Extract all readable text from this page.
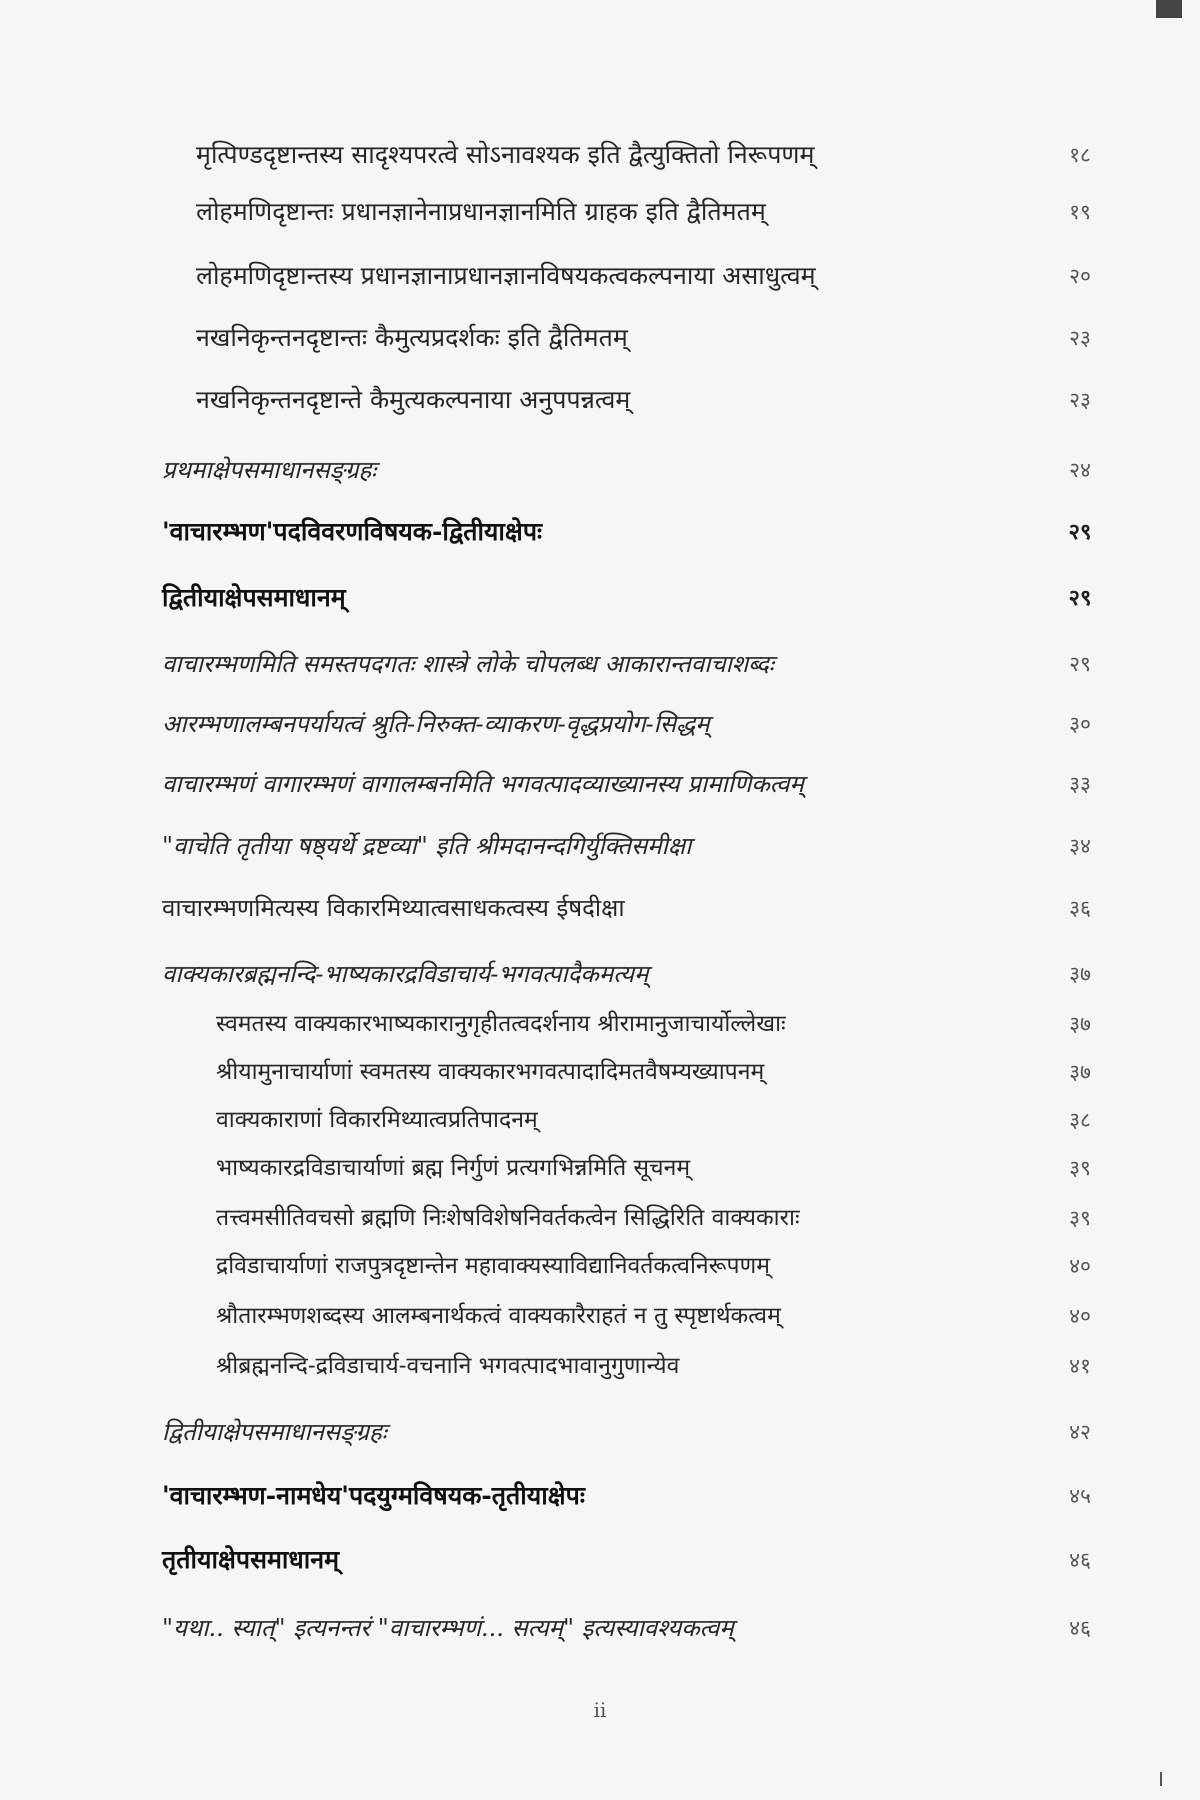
मृत्पिण्डदृष्टान्तस्य सादृश्यपरत्वे सोऽनावश्यक इति द्वैत्युक्तितो निरूपणम्	१८
लोहमणिदृष्टान्तः प्रधानज्ञानेनाप्रधानज्ञानमिति ग्राहक इति द्वैतिमतम्	१९
लोहमणिदृष्टान्तस्य प्रधानज्ञानाप्रधानज्ञानविषयकत्वकल्पनाया असाधुत्वम्	२०
नखनिकृन्तनदृष्टान्तः कैमुत्यप्रदर्शकः इति द्वैतिमतम्	२३
नखनिकृन्तनदृष्टान्ते कैमुत्यकल्पनाया अनुपपन्नत्वम्	२३
प्रथमाक्षेपसमाधानसङ्ग्रहः	२४
'वाचारम्भण'पदविवरणविषयक-द्वितीयाक्षेपः	२९
द्वितीयाक्षेपसमाधानम्	२९
वाचारम्भणमिति समस्तपदगतः शास्त्रे लोके चोपलब्ध आकारान्तवाचाशब्दः	२९
आरम्भणालम्बनपर्यायत्वं श्रुति-निरुक्त-व्याकरण-वृद्धप्रयोग-सिद्धम्	३०
वाचारम्भणं वागारम्भणं वागालम्बनमिति भगवत्पादव्याख्यानस्य प्रामाणिकत्वम्	३३
"वाचेति तृतीया षष्ठ्यर्थे द्रष्टव्या" इति श्रीमदानन्दगिर्युक्तिसमीक्षा	३४
वाचारम्भणमित्यस्य विकारमिथ्यात्वसाधकत्वस्य ईषदीक्षा	३६
वाक्यकारब्रह्मनन्दि-भाष्यकारद्रविडाचार्य-भगवत्पादैकमत्यम्	३७
स्वमतस्य वाक्यकारभाष्यकारानुगृहीतत्वदर्शनाय श्रीरामानुजाचार्योल्लेखाः	३७
श्रीयामुनाचार्याणां स्वमतस्य वाक्यकारभगवत्पादादिमतवैषम्यख्यापनम्	३७
वाक्यकाराणां विकारमिथ्यात्वप्रतिपादनम्	३८
भाष्यकारद्रविडाचार्याणां ब्रह्म निर्गुणं प्रत्यगभिन्नमिति सूचनम्	३९
तत्त्वमसीतिवचसो ब्रह्मणि निःशेषविशेषनिवर्तकत्वेन सिद्धिरिति वाक्यकाराः	३९
द्रविडाचार्याणां राजपुत्रदृष्टान्तेन महावाक्यस्याविद्यानिवर्तकत्वनिरूपणम्	४०
श्रौतारम्भणशब्दस्य आलम्बनार्थकत्वं वाक्यकारैराहतं न तु स्पृष्टार्थकत्वम्	४०
श्रीब्रह्मनन्दि-द्रविडाचार्य-वचनानि भगवत्पादभावानुगुणान्येव	४१
द्वितीयाक्षेपसमाधानसङ्ग्रहः	४२
'वाचारम्भण-नामधेय'पदयुग्मविषयक-तृतीयाक्षेपः	४५
तृतीयाक्षेपसमाधानम्	४६
"यथा.. स्यात्" इत्यनन्तरं "वाचारम्भणं... सत्यम्" इत्यस्यावश्यकत्वम्	४६
ii
